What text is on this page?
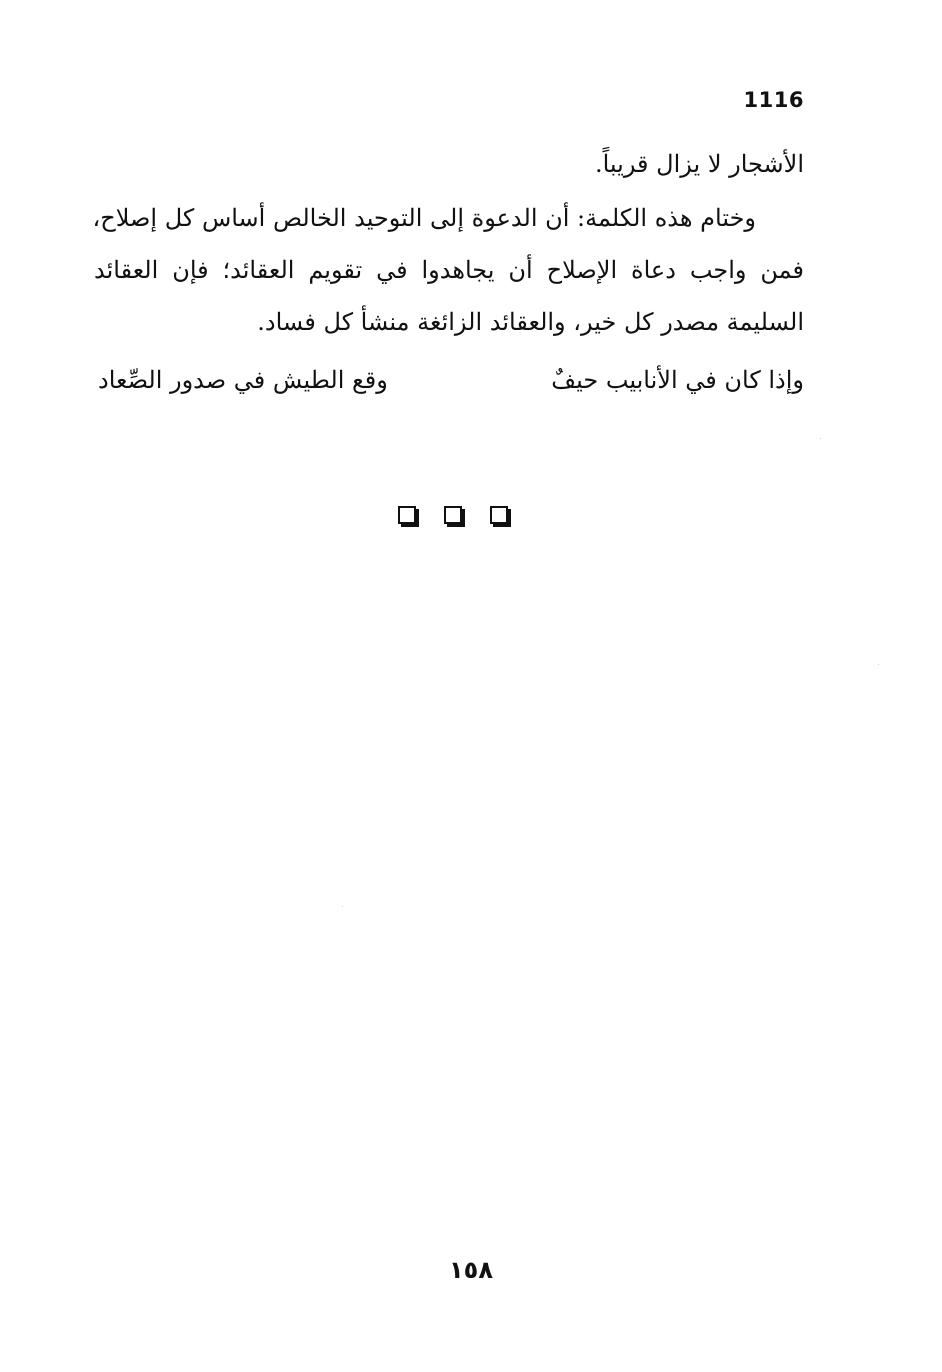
1116

الأشجار لا يزال قريباً.

وختام هذه الكلمة: أن الدعوة إلى التوحيد الخالص أساس كل إصلاح،

فمن واجب دعاة الإصلاح أن يجاهدوا في تقويم العقائد؛ فإن العقائد

السليمة مصدر كل خير، والعقائد الزائغة منشأ كل فساد.

وإذا كان في الأنابيب حيفٌ
وقع الطيش في صدور الصِّعاد
١٥٨
